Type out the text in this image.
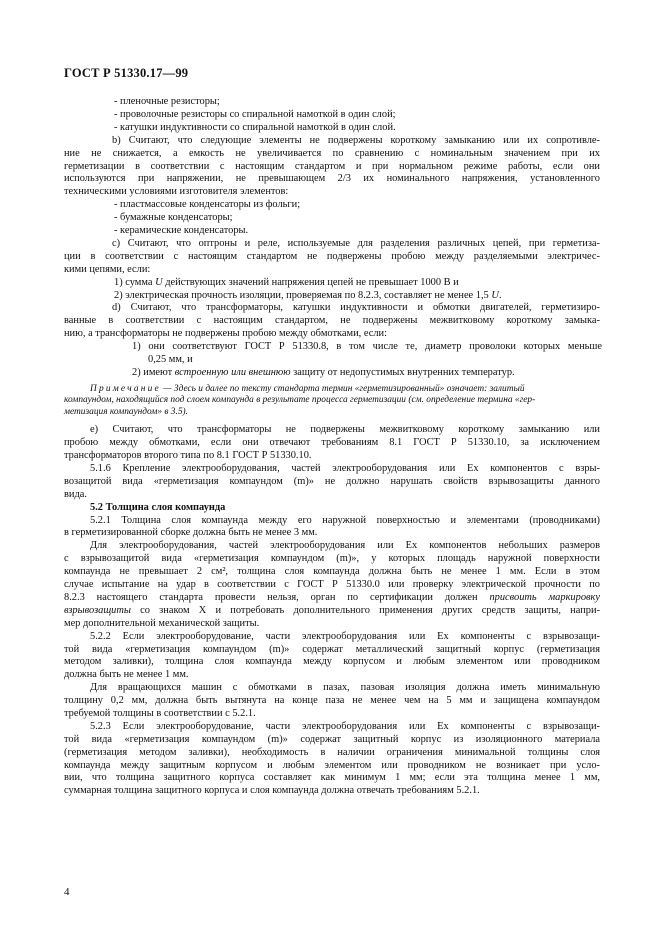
ГОСТ Р 51330.17—99
- пленочные резисторы;
- проволочные резисторы со спиральной намоткой в один слой;
- катушки индуктивности со спиральной намоткой в один слой.
b) Считают, что следующие элементы не подвержены короткому замыканию или их сопротивле-
ние не снижается, а емкость не увеличивается по сравнению с номинальным значением при их
герметизации в соответствии с настоящим стандартом и при нормальном режиме работы, если они
используются при напряжении, не превышающем 2/3 их номинального напряжения, установленного
техническими условиями изготовителя элементов:
- пластмассовые конденсаторы из фольги;
- бумажные конденсаторы;
- керамические конденсаторы.
c) Считают, что оптроны и реле, используемые для разделения различных цепей, при герметиза-
ции в соответствии с настоящим стандартом не подвержены пробою между разделяемыми электричес-
кими цепями, если:
1) сумма U действующих значений напряжения цепей не превышает 1000 В и
2) электрическая прочность изоляции, проверяемая по 8.2.3, составляет не менее 1,5 U.
d) Считают, что трансформаторы, катушки индуктивности и обмотки двигателей, герметизиро-
ванные в соответствии с настоящим стандартом, не подвержены межвитковому короткому замыка-
нию, а трансформаторы не подвержены пробою между обмотками, если:
1) они соответствуют ГОСТ Р 51330.8, в том числе те, диаметр проволоки которых меньше
0,25 мм, и
2) имеют встроенную или внешнюю защиту от недопустимых внутренних температур.
Примечание — Здесь и далее по тексту стандарта термин «герметизированный» означает: залитый
компаундом, находящийся под слоем компаунда в результате процесса герметизации (см. определение термина «гер-
метизация компаундом» в 3.5).
e) Считают, что трансформаторы не подвержены межвитковому короткому замыканию или
пробою между обмотками, если они отвечают требованиям 8.1 ГОСТ Р 51330.10, за исключением
трансформаторов второго типа по 8.1 ГОСТ Р 51330.10.
5.1.6 Крепление электрооборудования, частей электрооборудования или Ex компонентов с взры-
возащитой вида «герметизация компаундом (m)» не должно нарушать свойств взрывозащиты данного
вида.
5.2 Толщина слоя компаунда
5.2.1 Толщина слоя компаунда между его наружной поверхностью и элементами (проводниками)
в герметизированной сборке должна быть не менее 3 мм.
Для электрооборудования, частей электрооборудования или Ex компонентов небольших размеров
с взрывозащитой вида «герметизация компаундом (m)», у которых площадь наружной поверхности
компаунда не превышает 2 см², толщина слоя компаунда должна быть не менее 1 мм. Если в этом
случае испытание на удар в соответствии с ГОСТ Р 51330.0 или проверку электрической прочности по
8.2.3 настоящего стандарта провести нельзя, орган по сертификации должен присвоить маркировку
взрывозащиты со знаком X и потребовать дополнительного применения других средств защиты, напри-
мер дополнительной механической защиты.
5.2.2 Если электрооборудование, части электрооборудования или Ex компоненты с взрывозащи-
той вида «герметизация компаундом (m)» содержат металлический защитный корпус (герметизация
методом заливки), толщина слоя компаунда между корпусом и любым элементом или проводником
должна быть не менее 1 мм.
Для вращающихся машин с обмотками в пазах, пазовая изоляция должна иметь минимальную
толщину 0,2 мм, должна быть вытянута на конце паза не менее чем на 5 мм и защищена компаундом
требуемой толщины в соответствии с 5.2.1.
5.2.3 Если электрооборудование, части электрооборудования или Ex компоненты с взрывозащи-
той вида «герметизация компаундом (m)» содержат защитный корпус из изоляционного материала
(герметизация методом заливки), необходимость в наличии ограничения минимальной толщины слоя
компаунда между защитным корпусом и любым элементом или проводником не возникает при усло-
вии, что толщина защитного корпуса составляет как минимум 1 мм; если эта толщина менее 1 мм,
суммарная толщина защитного корпуса и слоя компаунда должна отвечать требованиям 5.2.1.
4
